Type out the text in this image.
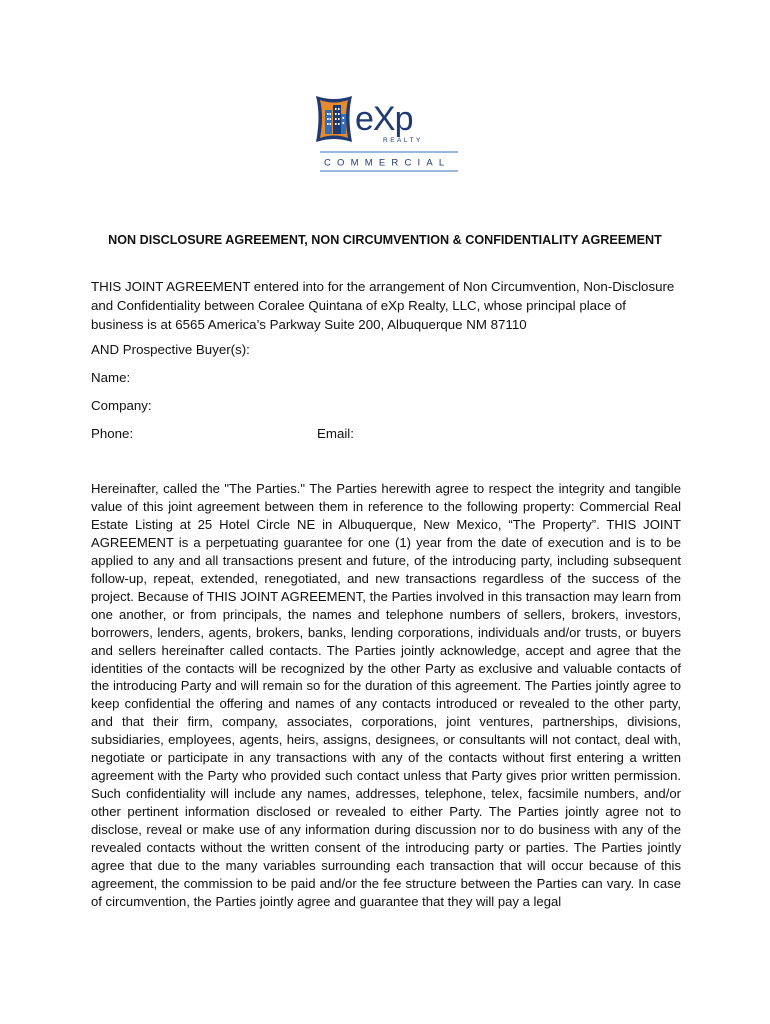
eXp
REALTY
COMMERCIAL
NON DISCLOSURE AGREEMENT, NON CIRCUMVENTION & CONFIDENTIALITY AGREEMENT
THIS JOINT AGREEMENT entered into for the arrangement of Non Circumvention, Non-Disclosure and Confidentiality between Coralee Quintana of eXp Realty, LLC, whose principal place of business is at 6565 America’s Parkway Suite 200, Albuquerque NM 87110
AND Prospective Buyer(s):
Name:
Company:
Phone:	Email:
Hereinafter, called the "The Parties." The Parties herewith agree to respect the integrity and tangible value of this joint agreement between them in reference to the following property: Commercial Real Estate Listing at 25 Hotel Circle NE in Albuquerque, New Mexico, “The Property”. THIS JOINT AGREEMENT is a perpetuating guarantee for one (1) year from the date of execution and is to be applied to any and all transactions present and future, of the introducing party, including subsequent follow-up, repeat, extended, renegotiated, and new transactions regardless of the success of the project. Because of THIS JOINT AGREEMENT, the Parties involved in this transaction may learn from one another, or from principals, the names and telephone numbers of sellers, brokers, investors, borrowers, lenders, agents, brokers, banks, lending corporations, individuals and/or trusts, or buyers and sellers hereinafter called contacts. The Parties jointly acknowledge, accept and agree that the identities of the contacts will be recognized by the other Party as exclusive and valuable contacts of the introducing Party and will remain so for the duration of this agreement. The Parties jointly agree to keep confidential the offering and names of any contacts introduced or revealed to the other party, and that their firm, company, associates, corporations, joint ventures, partnerships, divisions, subsidiaries, employees, agents, heirs, assigns, designees, or consultants will not contact, deal with, negotiate or participate in any transactions with any of the contacts without first entering a written agreement with the Party who provided such contact unless that Party gives prior written permission. Such confidentiality will include any names, addresses, telephone, telex, facsimile numbers, and/or other pertinent information disclosed or revealed to either Party. The Parties jointly agree not to disclose, reveal or make use of any information during discussion nor to do business with any of the revealed contacts without the written consent of the introducing party or parties. The Parties jointly agree that due to the many variables surrounding each transaction that will occur because of this agreement, the commission to be paid and/or the fee structure between the Parties can vary. In case of circumvention, the Parties jointly agree and guarantee that they will pay a legal
